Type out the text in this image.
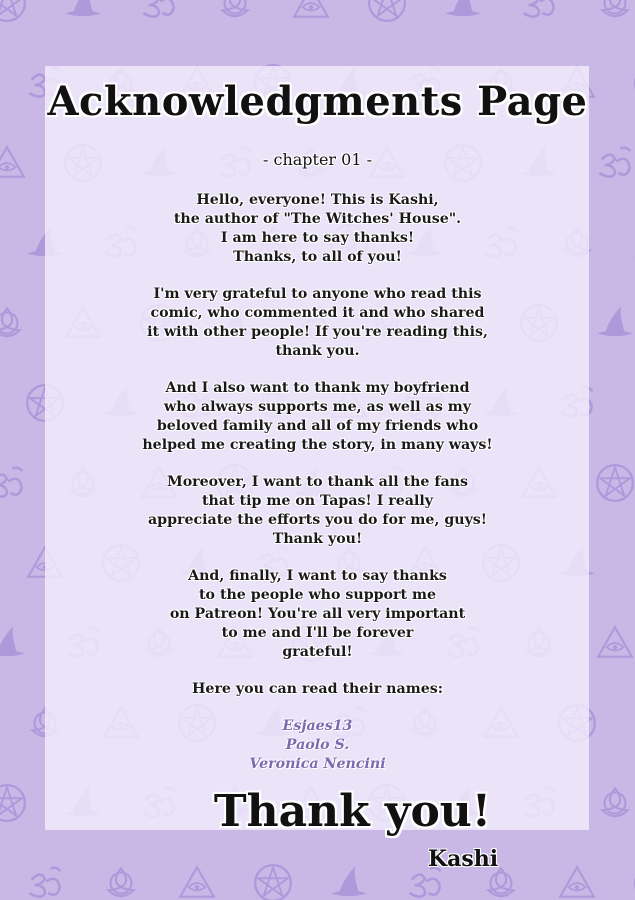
Acknowledgments Page
- chapter 01 -

Hello, everyone! This is Kashi,
the author of "The Witches' House".
I am here to say thanks!
Thanks, to all of you!

I'm very grateful to anyone who read this
comic, who commented it and who shared
it with other people! If you're reading this,
thank you.

And I also want to thank my boyfriend
who always supports me, as well as my
beloved family and all of my friends who
helped me creating the story, in many ways!

Moreover, I want to thank all the fans
that tip me on Tapas! I really
appreciate the efforts you do for me, guys!
Thank you!

And, finally, I want to say thanks
to the people who support me
on Patreon! You're all very important
to me and I'll be forever
grateful!

Here you can read their names:

Esjaes13
Paolo S.
Veronica Nencini
Thank you!
Kashi
